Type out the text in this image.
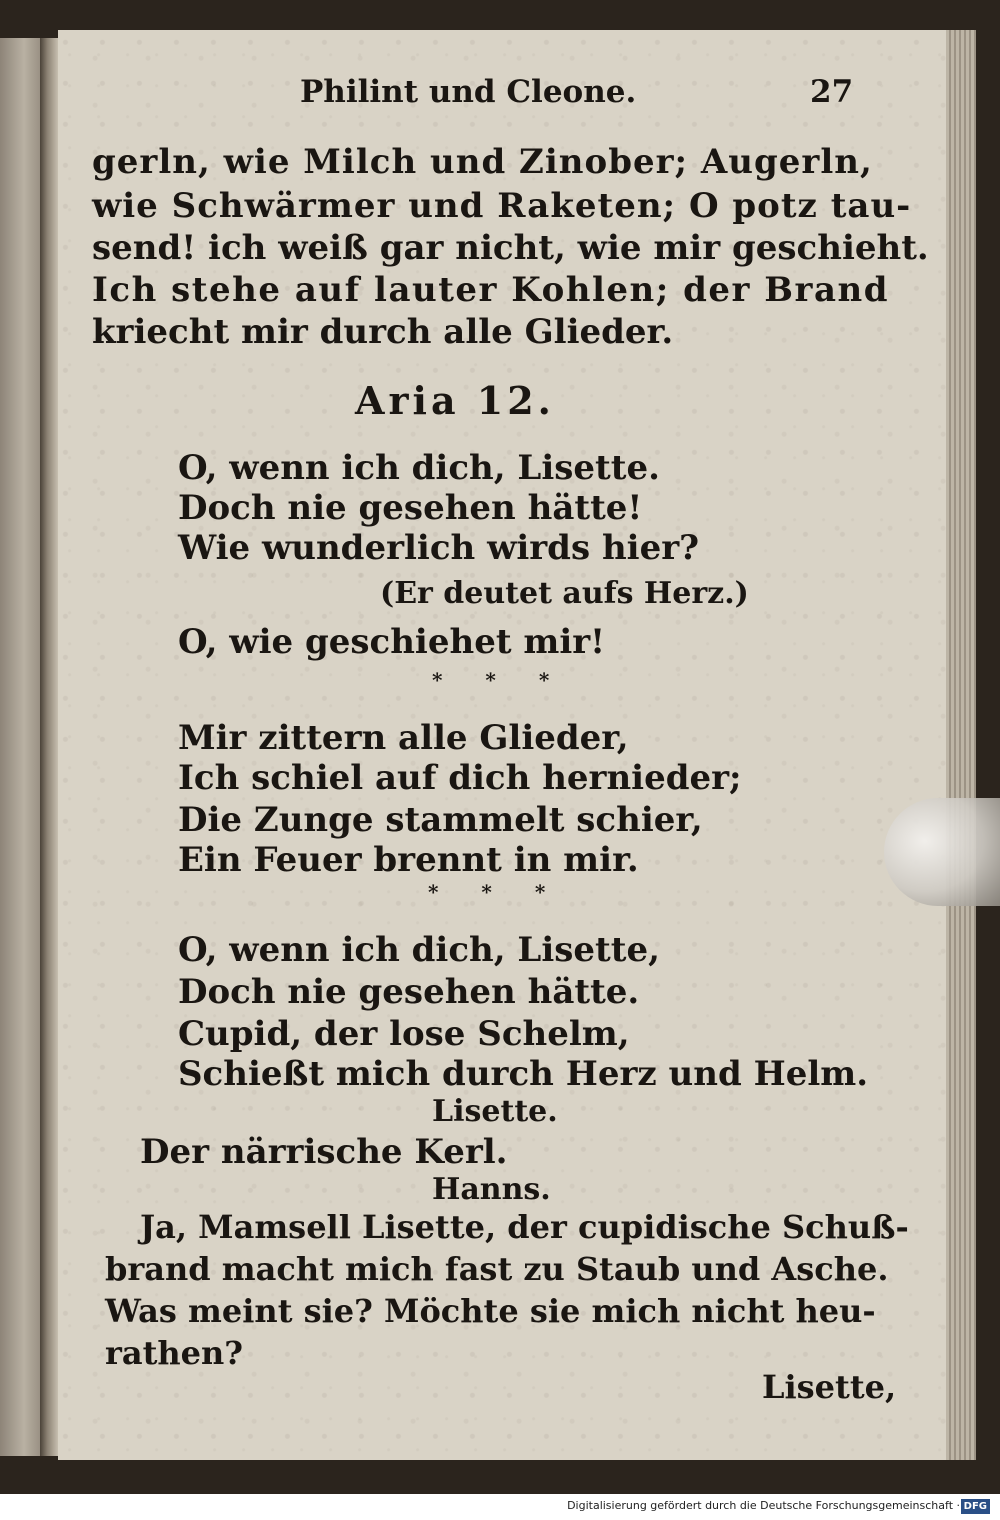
Philint und Cleone.	27
gerln, wie Milch und Zinober; Augerln,
wie Schwärmer und Raketen; O potz tau-
send! ich weiß gar nicht, wie mir geschieht.
Ich stehe auf lauter Kohlen; der Brand
kriecht mir durch alle Glieder.
Aria 12.
O, wenn ich dich, Lisette.
Doch nie gesehen hätte!
Wie wunderlich wirds hier?
(Er deutet aufs Herz.)
O, wie geschiehet mir!
* * *
Mir zittern alle Glieder,
Ich schiel auf dich hernieder;
Die Zunge stammelt schier,
Ein Feuer brennt in mir.
* * *
O, wenn ich dich, Lisette,
Doch nie gesehen hätte.
Cupid, der lose Schelm,
Schießt mich durch Herz und Helm.
Lisette.
Der närrische Kerl.
Hanns.
Ja, Mamsell Lisette, der cupidische Schuß-
brand macht mich fast zu Staub und Asche.
Was meint sie? Möchte sie mich nicht heu-
rathen?
Lisette,
Digitalisierung gefördert durch die Deutsche Forschungsgemeinschaft · DFG
